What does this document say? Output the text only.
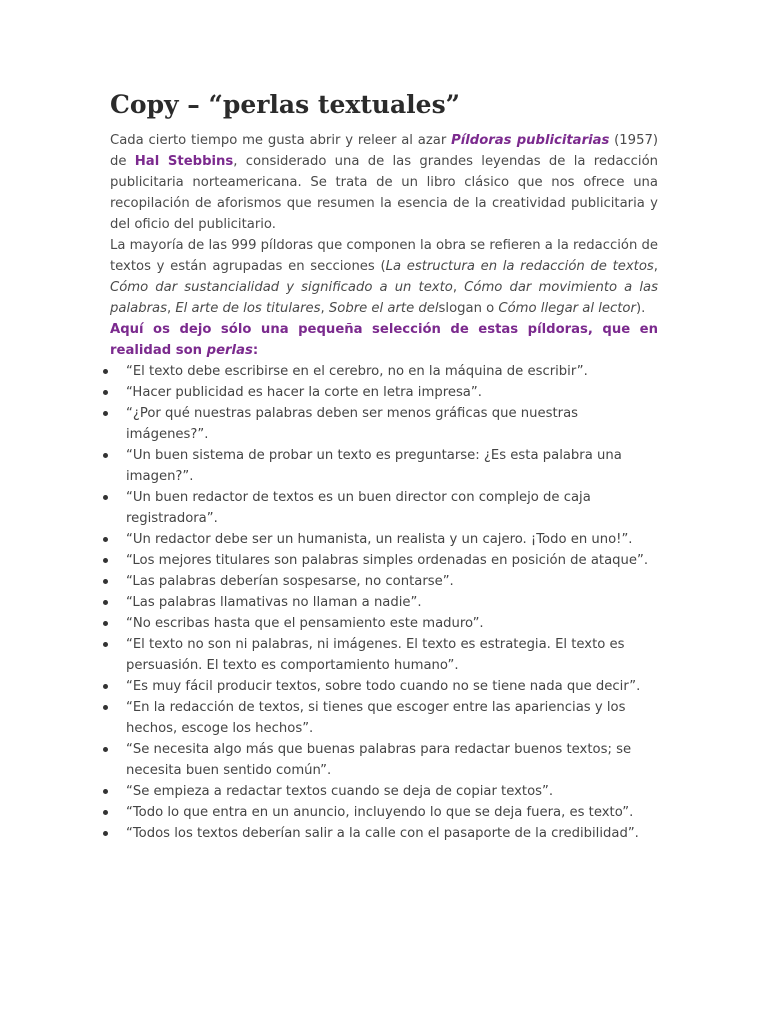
Copy – “perlas textuales”

Cada cierto tiempo me gusta abrir y releer al azar Píldoras publicitarias (1957) de Hal Stebbins, considerado una de las grandes leyendas de la redacción publicitaria norteamericana. Se trata de un libro clásico que nos ofrece una recopilación de aforismos que resumen la esencia de la creatividad publicitaria y del oficio del publicitario.

La mayoría de las 999 píldoras que componen la obra se refieren a la redacción de textos y están agrupadas en secciones (La estructura en la redacción de textos, Cómo dar sustancialidad y significado a un texto, Cómo dar movimiento a las palabras, El arte de los titulares, Sobre el arte delslogan o Cómo llegar al lector).

Aquí os dejo sólo una pequeña selección de estas píldoras, que en realidad son perlas:

“El texto debe escribirse en el cerebro, no en la máquina de escribir”.
“Hacer publicidad es hacer la corte en letra impresa”.
“¿Por qué nuestras palabras deben ser menos gráficas que nuestras imágenes?”.
“Un buen sistema de probar un texto es preguntarse: ¿Es esta palabra una imagen?”.
“Un buen redactor de textos es un buen director con complejo de caja registradora”.
“Un redactor debe ser un humanista, un realista y un cajero. ¡Todo en uno!”.
“Los mejores titulares son palabras simples ordenadas en posición de ataque”.
“Las palabras deberían sospesarse, no contarse”.
“Las palabras llamativas no llaman a nadie”.
“No escribas hasta que el pensamiento este maduro”.
“El texto no son ni palabras, ni imágenes. El texto es estrategia. El texto es persuasión. El texto es comportamiento humano”.
“Es muy fácil producir textos, sobre todo cuando no se tiene nada que decir”.
“En la redacción de textos, si tienes que escoger entre las apariencias y los hechos, escoge los hechos”.
“Se necesita algo más que buenas palabras para redactar buenos textos; se necesita buen sentido común”.
“Se empieza a redactar textos cuando se deja de copiar textos”.
“Todo lo que entra en un anuncio, incluyendo lo que se deja fuera, es texto”.
“Todos los textos deberían salir a la calle con el pasaporte de la credibilidad”.
